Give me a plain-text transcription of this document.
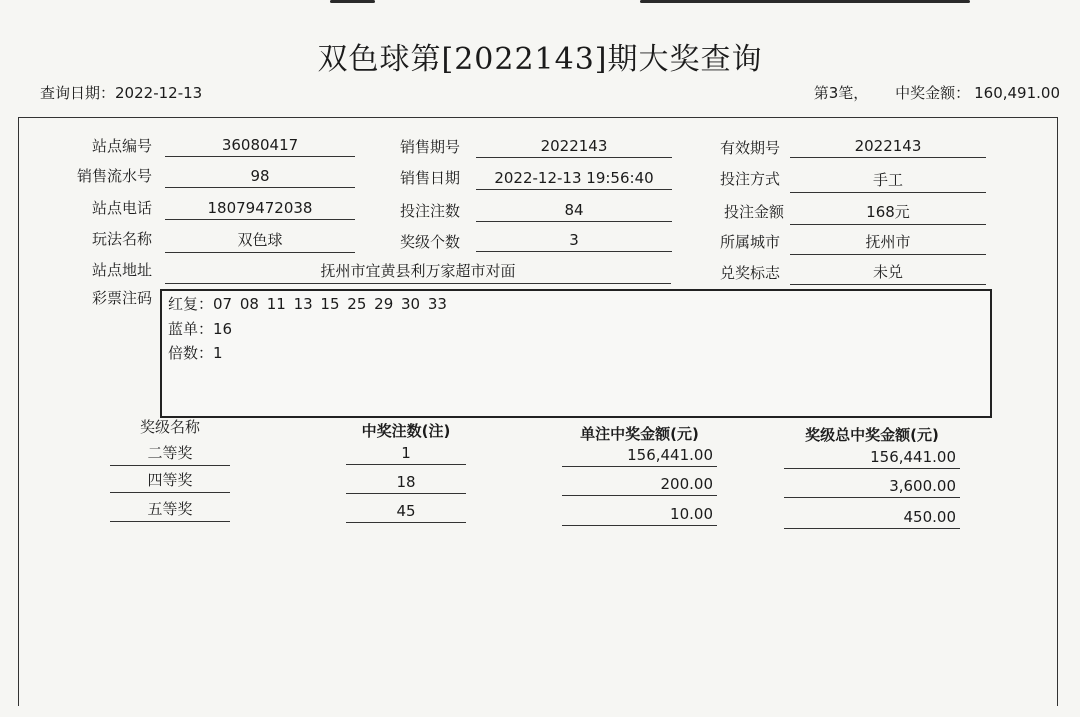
双色球第[2022143]期大奖查询
查询日期：2022-12-13	第3笔， 中奖金额： 160,491.00
站点编号	36080417	销售期号	2022143	有效期号	2022143
销售流水号	98	销售日期	2022-12-13 19:56:40	投注方式	手工
站点电话	18079472038	投注注数	84	投注金额	168元
玩法名称	双色球	奖级个数	3	所属城市	抚州市
站点地址	抚州市宜黄县利万家超市对面	兑奖标志	未兑
彩票注码 红复：07 08 11 13 15 25 29 30 33
蓝单：16
倍数：1
奖级名称	中奖注数(注)	单注中奖金额(元)	奖级总中奖金额(元)
二等奖	1	156,441.00	156,441.00
四等奖	18	200.00	3,600.00
五等奖	45	10.00	450.00
